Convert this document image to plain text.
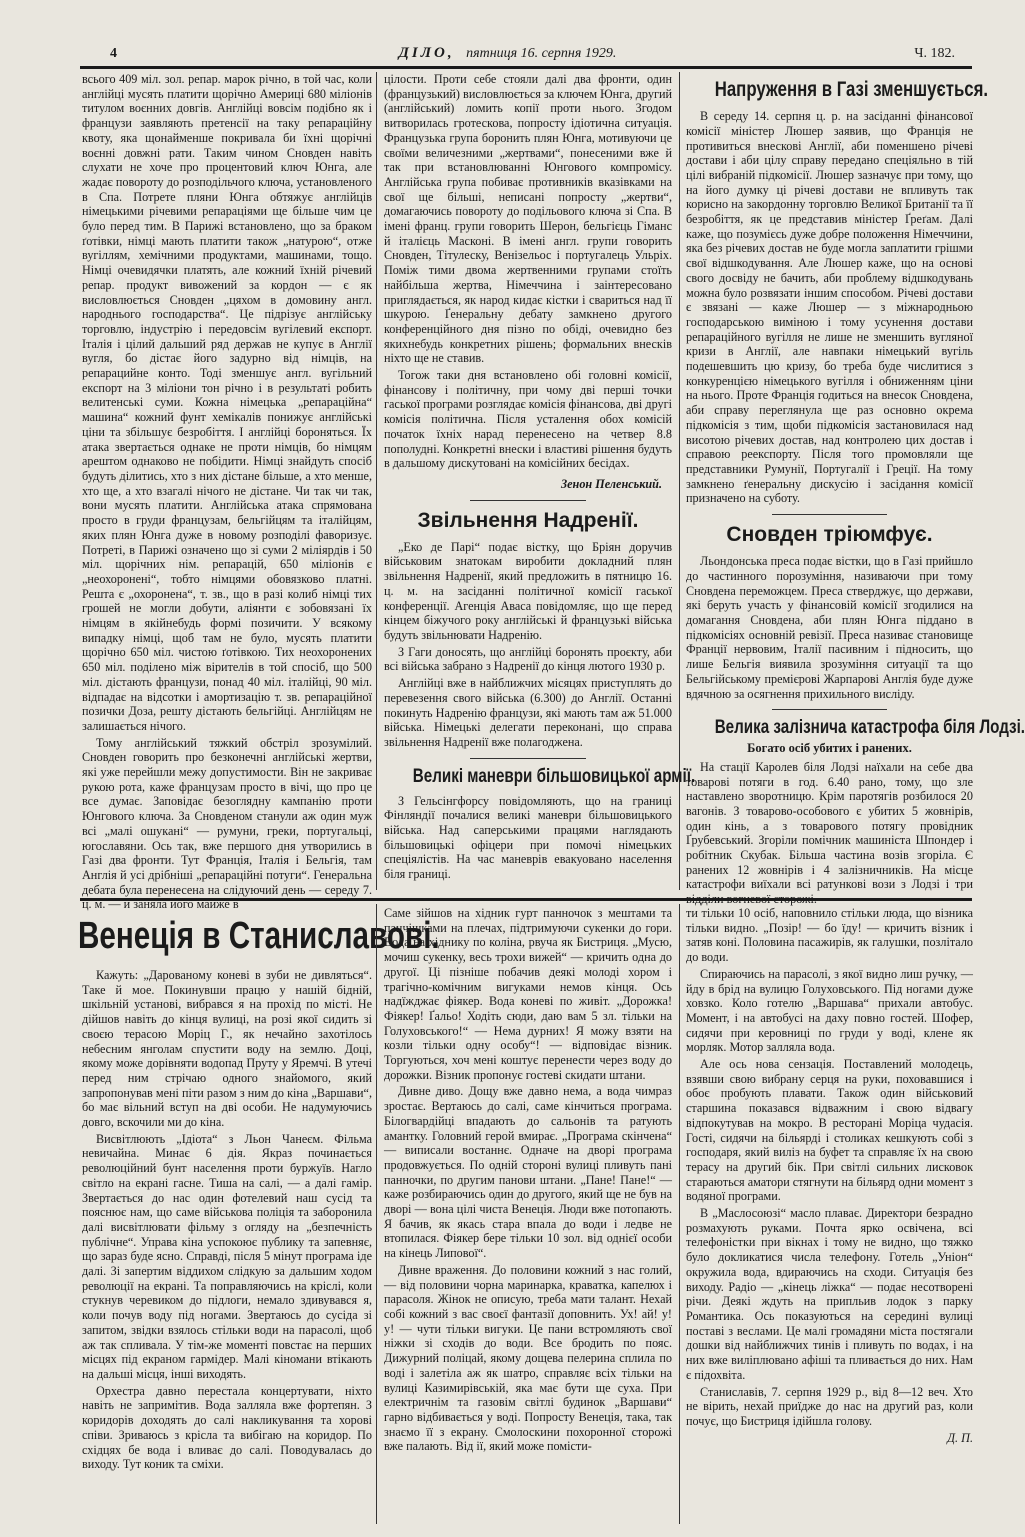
4	ДІЛО, пятниця 16. серпня 1929.	Ч. 182.

всього 409 міл. зол. репар. марок річно, в той час, коли англійці мусять платити щорічно Америці 680 міліонів титулом воєнних довгів. Англійці вовсім подібно як і французи заявляють претенсії на таку репараційну квоту, яка щонайменше покривала би їхні щорічні воєнні довжні рати. Таким чином Сновден навіть слухати не хоче про процентовий ключ Юнга, але жадає повороту до розподільчого ключа, установленого в Спа. Потрете пляни Юнга обтяжує англійців німецькими річевими репараціями ще більше чим це було перед тим. В Парижі встановлено, що за браком ґотівки, німці мають платити також „натурою“, отже вугіллям, хемічними продуктами, машинами, тощо. Німці очевидячки платять, але кожний їхній річевий репар. продукт вивожений за кордон — є як висловлюється Сновден „цяхом в домовину англ. народнього господарства“. Це підрізує англійську торговлю, індустрію і передовсім вугілевий експорт. Італія і цілий дальший ряд держав не купує в Англії вугля, бо дістає його задурно від німців, на репарацийне конто. Тоді зменшує англ. вугільний експорт на 3 міліони тон річно і в результаті робить велитенські суми. Кожна німецька „репараційна“ машина“ кожний фунт хемікалів понижує англійські ціни та збільшує безробіття. І англійці бороняться. Їх атака звертається однаке не проти німців, бо німцям арештом однаково не побідити. Німці знайдуть спосіб будуть ділитись, хто з них дістане більше, а хто менше, хто ще, а хто взагалі нічого не дістане. Чи так чи так, вони мусять платити. Англійська атака спрямована просто в груди французам, бельгійцям та італійцям, яких плян Юнга дуже в новому розподілі фаворизує. Потреті, в Парижі означено що зі суми 2 міліярдів і 50 міл. щорічних нім. репарацій, 650 міліонів є „неохоронені“, тобто німцями обовязково платні. Решта є „охоронена“, т. зв., що в разі колиб німці тих грошей не могли добути, аліянти є зобовязані їх німцям в якійнебудь формі позичити. У всякому випадку німці, щоб там не було, мусять платити щорічно 650 міл. чистою ґотівкою. Тих неохоронених 650 міл. поділено між вірителів в той спосіб, що 500 міл. дістають французи, понад 40 міл. італійці, 90 міл. відпадає на відсотки і амортизацію т. зв. репараційної позички Доза, решту дістають бельгійці. Англійцям не залишається нічого.

Тому англійський тяжкий обстріл зрозумілий. Сновден говорить про безконечні англійські жертви, які уже перейшли межу допустимости. Він не закриває рукою рота, каже французам просто в вічі, що про це все думає. Заповідає безоглядну кампанію проти Юнгового ключа. За Сновденом станули аж один муж всі „малі ошукані“ — румуни, греки, португальці, югославяни. Ось так, вже першого дня утворились в Газі два фронти. Тут Франція, Італія і Бельгія, там Англія й усі дрібніші „репараційні потуги“. Генеральна дебата була перенесена на слідуючий день — середу 7. ц. м. — й заняла його майже в

цілости. Проти себе стояли далі два фронти, один (французький) висловлюється за ключем Юнга, другий (англійський) ломить копії проти нього. Згодом витворилась гротескова, попросту ідіотична ситуація. Французька група боронить плян Юнга, мотивуючи це своїми величезними „жертвами“, понесеними вже й так при встановлюванні Юнгового компромісу. Англійська група побиває противників вказівками на свої ще більші, неписані попросту „жертви“, домагаючись повороту до подільового ключа зі Спа. В імені франц. групи говорить Шерон, бельгієць Гіманс й італієць Масконі. В імені англ. групи говорить Сновден, Тітулеску, Венізельос і португалець Ульріх. Поміж тими двома жертвенними групами стоїть найбільша жертва, Німеччина і заінтересовано приглядається, як народ кидає кістки і свариться над її шкурою. Ґенеральну дебату замкнено другого конференційного дня пізно по обіді, очевидно без якихнебудь конкретних рішень; формальних внесків ніхто ще не ставив.

Тогож таки дня встановлено обі головні комісії, фінансову і політичну, при чому дві перші точки гаської програми розглядає комісія фінансова, дві другі комісія політична. Після усталення обох комісій початок їхніх нарад перенесено на четвер 8.8 пополудні. Конкретні внески і властиві рішення будуть в дальшому дискутовані на комісійних бесідах.

Зенон Пеленський.
Звільнення Надренії.

„Еко де Парі“ подає вістку, що Бріян доручив військовим знатокам виробити докладний плян звільнення Надренії, який предложить в пятницю 16. ц. м. на засіданні політичної комісії гаської конференції. Агенція Аваса повідомляє, що ще перед кінцем біжучого року англійські й французькі війська будуть звільнювати Надренію.

З Гаги доносять, що англійці боронять проєкту, аби всі війська забрано з Надренії до кінця лютого 1930 р.

Англійці вже в найближчих місяцях приступлять до перевезення свого війська (6.300) до Англії. Останні покинуть Надренію французи, які мають там аж 51.000 війська. Німецькі делегати переконані, що справа звільнення Надренії вже полагоджена.

Великі маневри більшовицької армії.

З Гельсінгфорсу повідомляють, що на границі Фінляндії почалися великі маневри більшовицького війська. Над саперськими працями наглядають більшовицькі офіцери при помочі німецьких спеціялістів. На час маневрів евакуовано населення біля границі.

Напруження в Газі зменшується.

В середу 14. серпня ц. р. на засіданні фінансової комісії міністер Люшер заявив, що Франція не противиться внескові Англії, аби поменшено річеві достави і аби цілу справу передано спеціяльно в тій цілі вибраній підкомісії. Люшер зазначує при тому, що на його думку ці річеві достави не впливуть так корисно на закордонну торговлю Великої Британії та її безробіття, як це представив міністер Ґреґам. Далі каже, що позумієсь дуже добре положення Німеччини, яка без річевих достав не буде могла заплатити грішми свої відшкодування. Але Люшер каже, що на основі свого досвіду не бачить, аби проблему відшкодувань можна було розвязати іншим способом. Річеві достави є звязані — каже Люшер — з міжнародньою господарською виміною і тому усунення достави репараційного вугілля не лише не зменшить вугляної кризи в Англії, але навпаки німецький вугіль подешевшить цю кризу, бо треба буде числитися з конкуренцією німецького вугілля і обниженням ціни на нього. Проте Франція годиться на внесок Сновдена, аби справу переглянула ще раз основно окрема підкомісія з тим, щоби підкомісія застановилася над висотою річевих достав, над контролею цих достав і справою реекспорту. Після того промовляли ще представники Румунії, Португалії і Греції. На тому замкнено ґенеральну дискусію і засідання комісії призначено на суботу.

Сновден тріюмфує.

Льондонська преса подає вістки, що в Газі прийшло до частинного порозуміння, називаючи при тому Сновдена переможцем. Преса стверджує, що держави, які беруть участь у фінансовій комісії згодилися на домагання Сновдена, аби плян Юнга піддано в підкомісіях основній ревізії. Преса називає становище Франції нервовим, Італії пасивним і підносить, що лише Бельгія виявила зрозуміння ситуації та що Бельгійському премієрові Жарпарові Англія буде дуже вдячною за осягнення прихильного висліду.

Велика залізнича катастрофа біля Лодзі.
Богато осіб убитих і ранених.

На стації Каролев біля Лодзі наїхали на себе два товарові потяги в год. 6.40 рано, тому, що зле наставлено зворотницю. Крім паротягів розбилося 20 вагонів. З товарово-особового є убитих 5 жовнірів, один кінь, а з товарового потягу провідник Ґрубевський. Згоріли помічник машиніста Шпондер і робітник Скубак. Більша частина возів згоріла. Є ранених 12 жовнірів і 4 залізничників. На місце катастрофи виїхали всі ратункові вози з Лодзі і три відділи вогневої сторожі.

Венеція в Станиславові.

Кажуть: „Дарованому коневі в зуби не дивляться“. Таке й мое. Покинувши працю у нашій бідній, шкільній установі, вибрався я на прохід по місті. Не дійшов навіть до кінця вулиці, на розі якої сидить зі своєю терасою Моріц Г., як нечайно захотілось небесним янголам спустити воду на землю. Доці, якому може дорівняти водопад Пруту у Яремчі. В утечі перед ним стрічаю одного знайомого, який запропонував мені піти разом з ним до кіна „Варшави“, бо має вільний вступ на дві особи. Не надумуючись довго, вскочили ми до кіна.

Висвітлюють „Ідіота“ з Льон Чанеєм. Фільма невичайна. Минає 6 дія. Якраз починається революційний бунт населення проти буржуїв. Нагло світло на екрані гасне. Тиша на салі, — а далі гамір. Звертається до нас один фотелевий наш сусід та пояснює нам, що саме військова поліція та заборонила далі висвітлювати фільму з огляду на „безпечність публічне“. Управа кіна успокоює публику та запевняє, що зараз буде ясно. Справді, після 5 мінут програма іде далі. Зі запертим віддихом слідкую за дальшим ходом революції на екрані. Та поправляючись на кріслі, коли стукнув черевиком до підлоги, немало здивувався я, коли почув воду під ногами. Звертаюсь до сусіда зі запитом, звідки взялось стільки води на парасолі, щоб аж так спливала. У тім-же моменті повстає на перших місцях під екраном гармідер. Малі кіномани втікають на дальші місця, інші виходять.

Орхестра давно перестала концертувати, ніхто навіть не запримітив. Вода залляла вже фортепян. З коридорів доходять до салі накликування та хорові співи. Зриваюсь з крісла та вибігаю на коридор. По східцях бе вода і вливає до салі. Поводувалась до виходу. Тут коник та сміхи.

Саме зійшов на хідник гурт панночок з мештами та панчішками на плечах, підтримуючи сукенки до гори. Вода на хіднику по коліна, рвуча як Бистриця. „Мусю, мочиш сукенку, весь трохи вижей“ — кричить одна до другої. Ці пізніше побачив деякі молоді хором і трагічно-комічним вигуками немов кінця. Ось надїжджає фіякер. Вода коневі по живіт. „Дорожка! Фіякер! Ґальо! Ходіть сюди, даю вам 5 зл. тільки на Голуховського!“ — Нема дурних! Я можу взяти на козли тільки одну особу“! — відповідає візник. Торгуються, хоч мені коштує перенести через воду до дорожки. Візник пропонує гостеві скидати штани.

Дивне диво. Дощу вже давно нема, а вода чимраз зростає. Вертаюсь до салі, саме кінчиться програма. Білогвардійці впадають до сальонів та ратують амантку. Головний герой вмирає. „Програма скінчена“ — виписали востаннє. Одначе на дворі програма продовжується. По одній стороні вулиці пливуть пані панночки, по другим панови штани. „Пане! Пане!“ — каже розбираючись один до другого, який ще не був на дворі — вона цілі чиста Венеція. Люди вже потопають. Я бачив, як якась стара впала до води і ледве не втопилася. Фіякер бере тільки 10 зол. від однієї особи на кінець Липової“.

Дивне враження. До половини кожний з нас голий, — від половини чорна маринарка, краватка, капелюх і парасоля. Жінок не описую, треба мати талант. Нехай собі кожний з вас своєї фантазії доповнить. Ух! ай! у! у! — чути тільки вигуки. Це пани встромляють свої ніжки зі сходів до води. Все бродить по пояс. Дижурний поліцай, якому дощева пелерина сплила по воді і залетіла аж як шатро, справляє всіх тільки на вулиці Казимирівській, яка має бути ще суха. При електричнім та газовім світлі будинок „Варшави“ гарно відбивається у воді. Попросту Венеція, така, так знаємо її з екрану. Смолоскини похоронної сторожі вже палають. Від ії, який може помісти-

ти тільки 10 осіб, наповнило стільки люда, що візника тільки видно. „Позір! — бо їду! — кричить візник і затяв коні. Половина пасажирів, як галушки, позлітало до води.

Спираючись на парасолі, з якої видно лиш ручку, — йду в брід на вулицю Голуховського. Під ногами дуже ховзко. Коло готелю „Варшава“ прихали автобус. Момент, і на автобусі на даху повно гостей. Шофер, сидячи при керовниці по груди у воді, клене як морляк. Мотор залляла вода.

Але ось нова сензація. Поставлений молодець, взявши свою вибрану серця на руки, поховавшися і обоє пробують плавати. Також один військовий старшина показався відважним і свою відвагу відпокутував на мокро. В ресторані Моріца чудасія. Гості, сидячи на більярді і столиках кешкують собі з господаря, який виліз на буфет та справляє їх на свою терасу на другий бік. При світлі сильних лисковок стараються аматори стягнути на більярд одни момент з водяної програми.

В „Маслосоюзі“ масло плаває. Директори безрадно розмахують руками. Почта ярко освічена, всі телефоністки при вікнах і тому не видно, що тяжко було докликатися числа телефону. Готель „Уніон“ окружила вода, вдираючись на сходи. Ситуація без виходу. Радіо — „кінець ліжка“ — подає несотворені річи. Деякі ждуть на припльив лодок з парку Романтика. Ось показуються на середині вулиці поставі з веслами. Це малі громадяни міста постягали дошки від найближчих тинів і пливуть по водах, і на них вже виліплювано афіші та пливається до них. Нам є підохвіта.

Станиславів, 7. серпня 1929 р., від 8—12 веч. Хто не вірить, нехай приїдже до нас на другий раз, коли почує, що Бистриця ідійшла голову.

Д. П.
